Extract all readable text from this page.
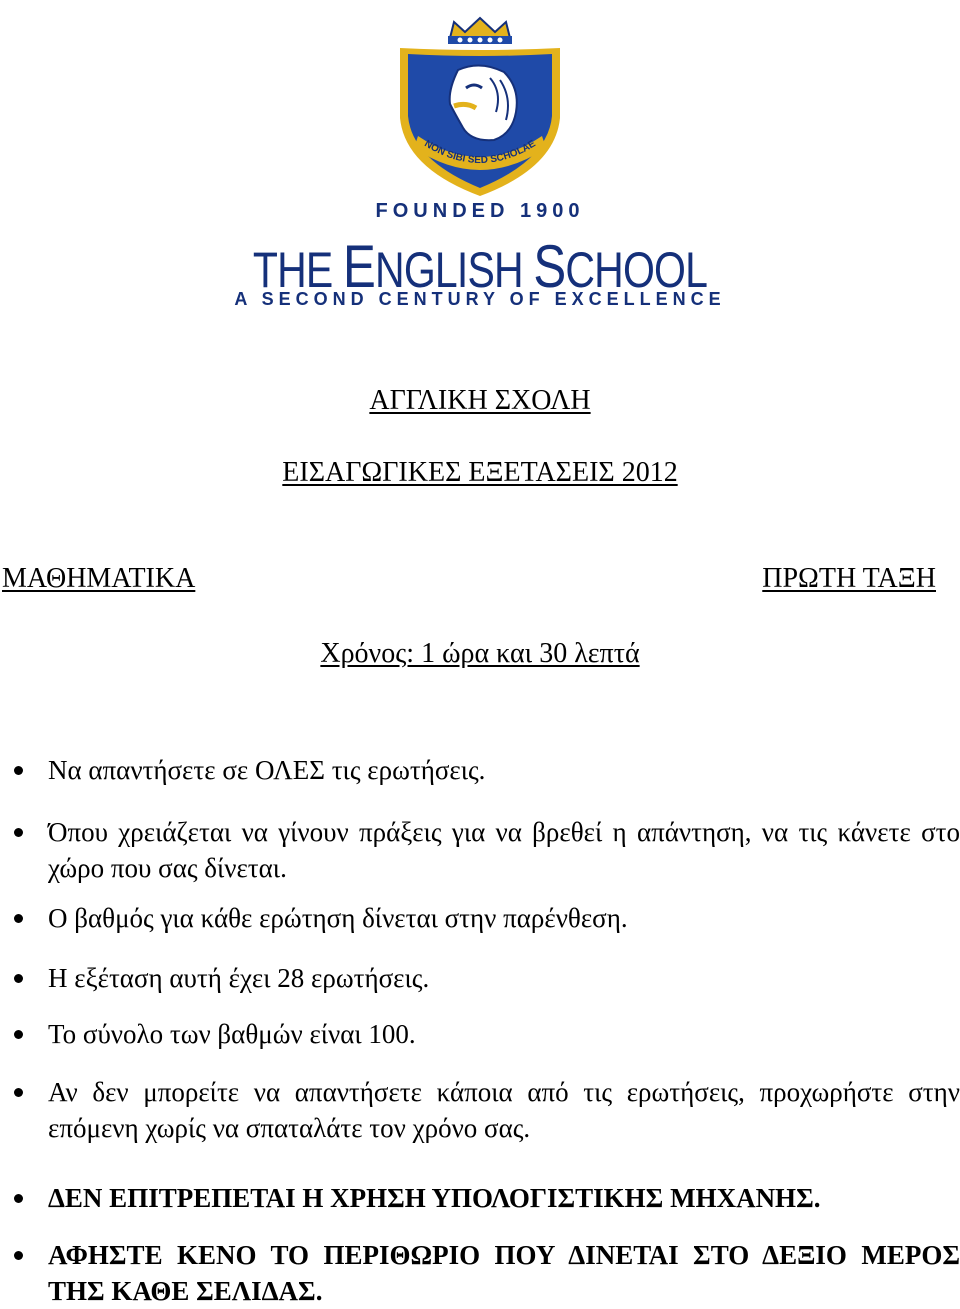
NON SIBI SED SCHOLAE
FOUNDED 1900
THE ENGLISH SCHOOL
A SECOND CENTURY OF EXCELLENCE
ΑΓΓΛΙΚΗ ΣΧΟΛΗ
ΕΙΣΑΓΩΓΙΚΕΣ ΕΞΕΤΑΣΕΙΣ 2012
ΜΑΘΗΜΑΤΙΚΑ	ΠΡΩΤΗ ΤΑΞΗ
Χρόνος: 1 ώρα και 30 λεπτά
Να απαντήσετε σε ΟΛΕΣ τις ερωτήσεις.
Όπου χρειάζεται να γίνουν πράξεις για να βρεθεί η απάντηση, να τις κάνετε στο χώρο που σας δίνεται.
Ο βαθμός για κάθε ερώτηση δίνεται στην παρένθεση.
Η εξέταση αυτή έχει 28 ερωτήσεις.
Το σύνολο των βαθμών είναι 100.
Αν δεν μπορείτε να απαντήσετε κάποια από τις ερωτήσεις, προχωρήστε στην επόμενη χωρίς να σπαταλάτε τον χρόνο σας.
ΔΕΝ ΕΠΙΤΡΕΠΕΤΑΙ Η ΧΡΗΣΗ ΥΠΟΛΟΓΙΣΤΙΚΗΣ ΜΗΧΑΝΗΣ.
ΑΦΗΣΤΕ ΚΕΝΟ ΤΟ ΠΕΡΙΘΩΡΙΟ ΠΟΥ ΔΙΝΕΤΑΙ ΣΤΟ ΔΕΞΙΟ ΜΕΡΟΣ ΤΗΣ ΚΑΘΕ ΣΕΛΙΔΑΣ.
